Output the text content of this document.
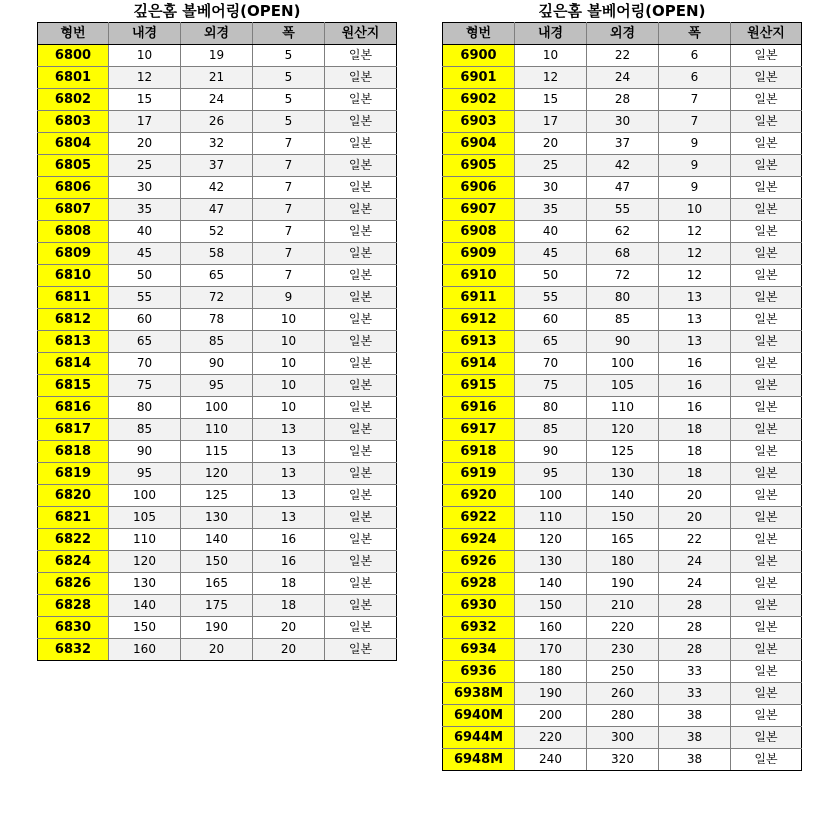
깊은홈 볼베어링(OPEN)
형번	내경	외경	폭	원산지
6800	10	19	5	일본
6801	12	21	5	일본
6802	15	24	5	일본
6803	17	26	5	일본
6804	20	32	7	일본
6805	25	37	7	일본
6806	30	42	7	일본
6807	35	47	7	일본
6808	40	52	7	일본
6809	45	58	7	일본
6810	50	65	7	일본
6811	55	72	9	일본
6812	60	78	10	일본
6813	65	85	10	일본
6814	70	90	10	일본
6815	75	95	10	일본
6816	80	100	10	일본
6817	85	110	13	일본
6818	90	115	13	일본
6819	95	120	13	일본
6820	100	125	13	일본
6821	105	130	13	일본
6822	110	140	16	일본
6824	120	150	16	일본
6826	130	165	18	일본
6828	140	175	18	일본
6830	150	190	20	일본
6832	160	20	20	일본
깊은홈 볼베어링(OPEN)
형번	내경	외경	폭	원산지
6900	10	22	6	일본
6901	12	24	6	일본
6902	15	28	7	일본
6903	17	30	7	일본
6904	20	37	9	일본
6905	25	42	9	일본
6906	30	47	9	일본
6907	35	55	10	일본
6908	40	62	12	일본
6909	45	68	12	일본
6910	50	72	12	일본
6911	55	80	13	일본
6912	60	85	13	일본
6913	65	90	13	일본
6914	70	100	16	일본
6915	75	105	16	일본
6916	80	110	16	일본
6917	85	120	18	일본
6918	90	125	18	일본
6919	95	130	18	일본
6920	100	140	20	일본
6922	110	150	20	일본
6924	120	165	22	일본
6926	130	180	24	일본
6928	140	190	24	일본
6930	150	210	28	일본
6932	160	220	28	일본
6934	170	230	28	일본
6936	180	250	33	일본
6938M	190	260	33	일본
6940M	200	280	38	일본
6944M	220	300	38	일본
6948M	240	320	38	일본
